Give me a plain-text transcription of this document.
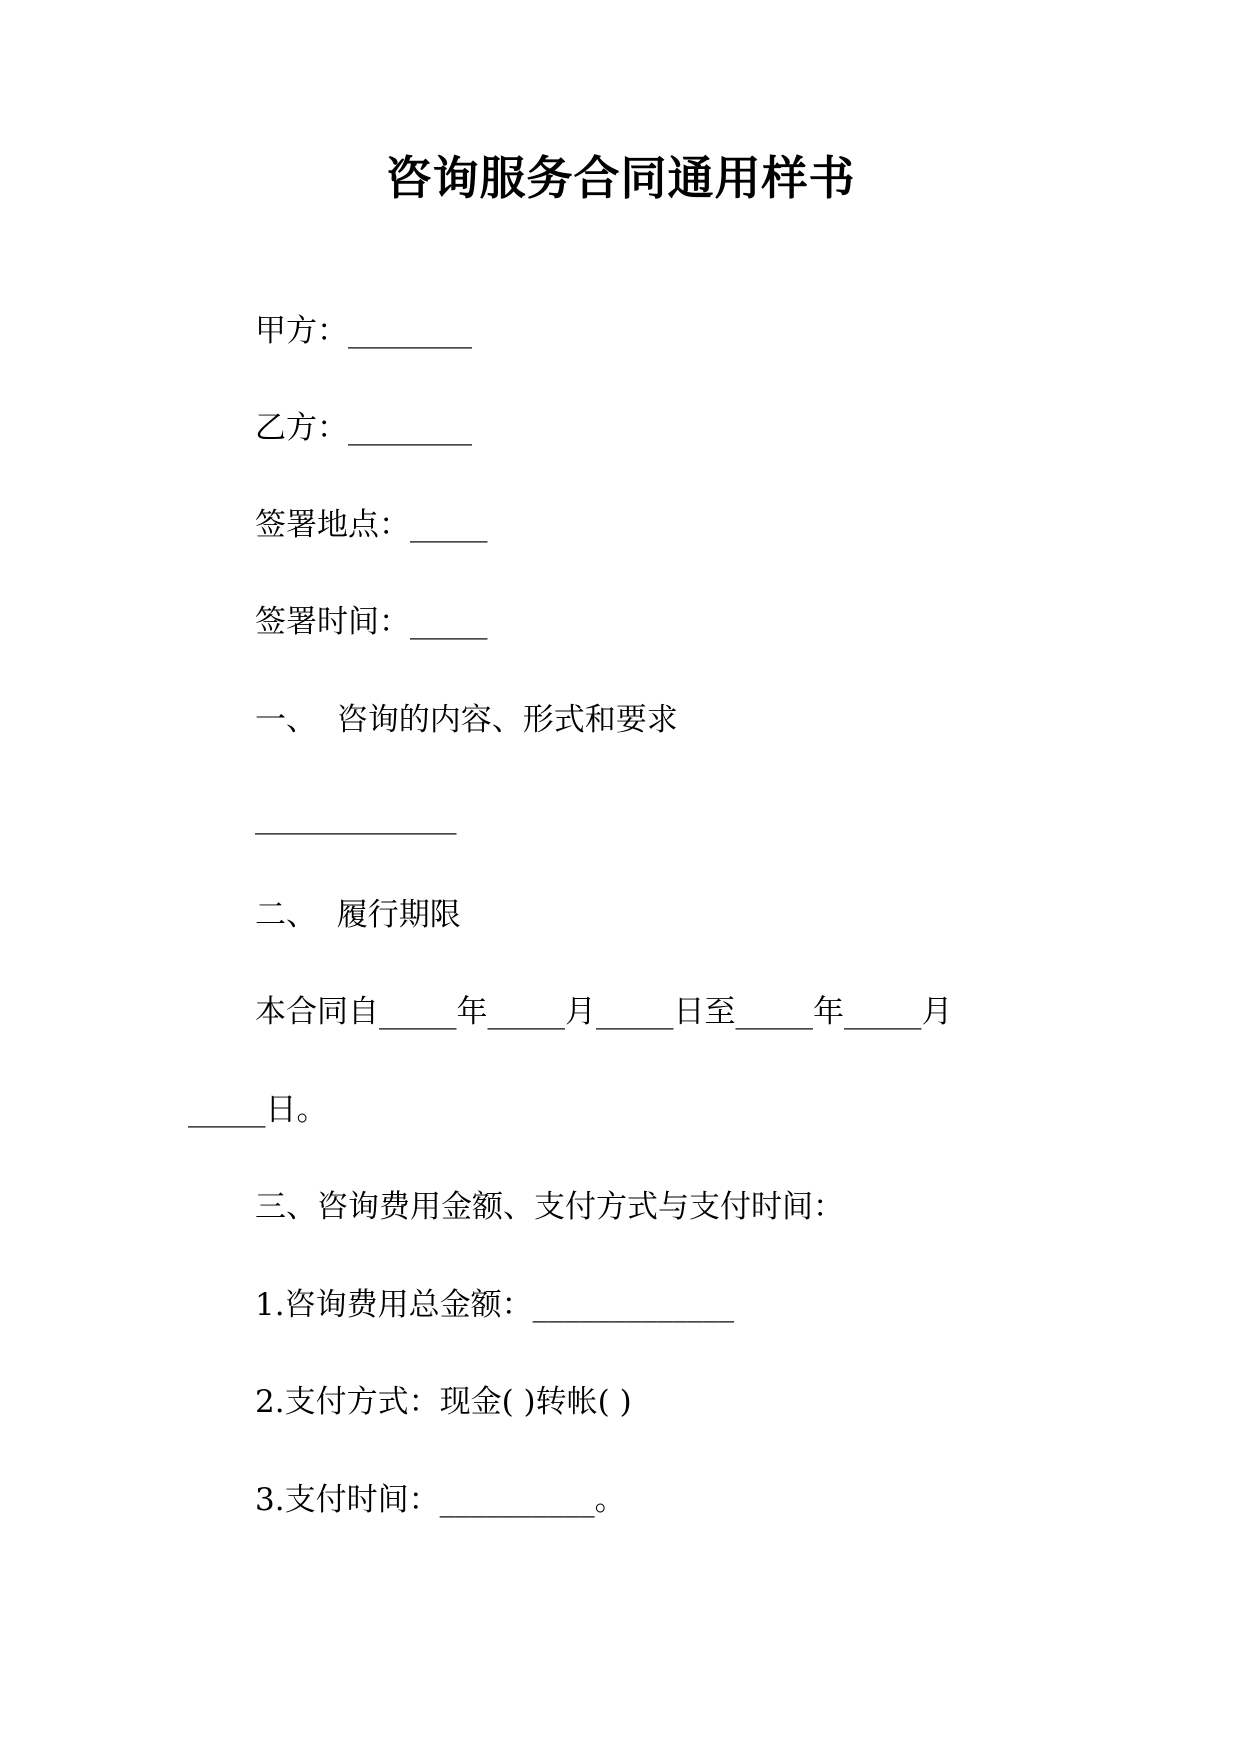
咨询服务合同通用样书
甲方：________
乙方：________
签署地点：_____
签署时间：_____
一、  咨询的内容、形式和要求
_____________
二、  履行期限
本合同自_____年_____月_____日至_____年_____月
_____日。
三、咨询费用金额、支付方式与支付时间：
1.咨询费用总金额：_____________
2.支付方式：现金( )转帐( )
3.支付时间：__________。
